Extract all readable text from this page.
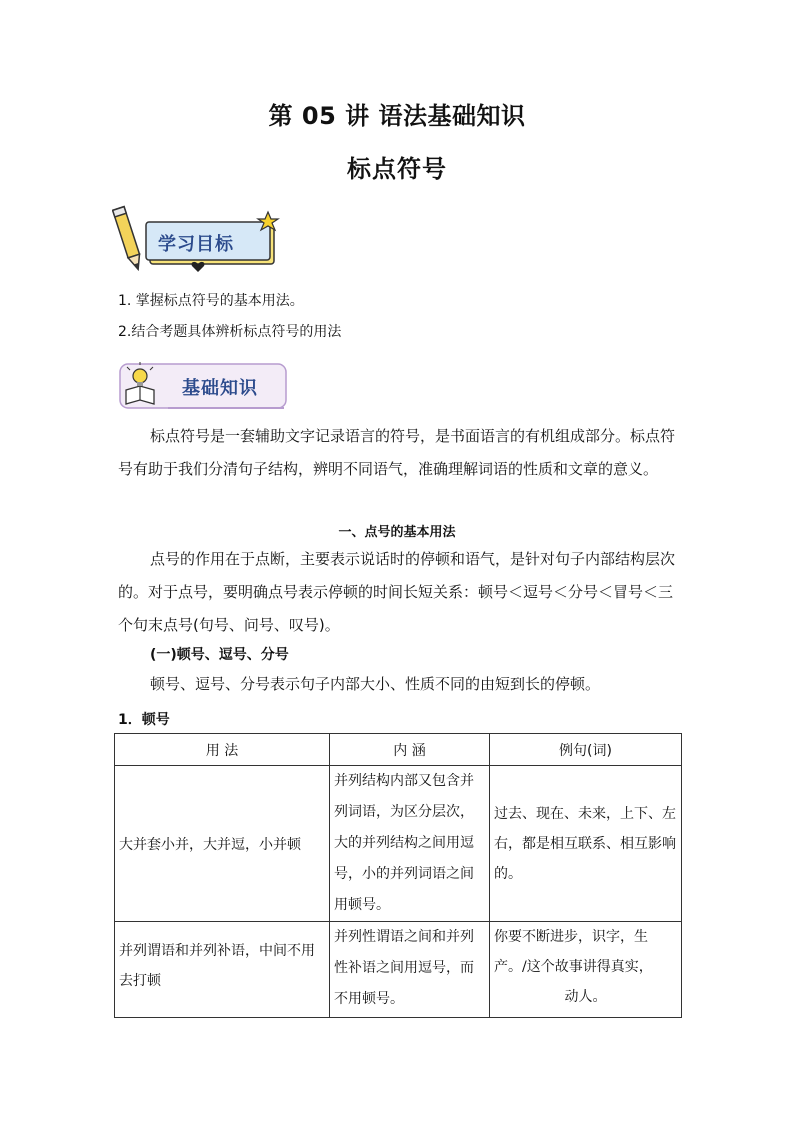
第 05 讲 语法基础知识
标点符号
学习目标
1. 掌握标点符号的基本用法。
2.结合考题具体辨析标点符号的用法
基础知识

标点符号是一套辅助文字记录语言的符号，是书面语言的有机组成部分。标点符号有助于我们分清句子结构，辨明不同语气，准确理解词语的性质和文章的意义。

一、点号的基本用法

点号的作用在于点断，主要表示说话时的停顿和语气，是针对句子内部结构层次的。对于点号，要明确点号表示停顿的时间长短关系：顿号＜逗号＜分号＜冒号＜三个句末点号(句号、问号、叹号)。

(一)顿号、逗号、分号

顿号、逗号、分号表示句子内部大小、性质不同的由短到长的停顿。

1．顿号
用 法	内 涵	例句(词)
大并套小并，大并逗，小并顿	并列结构内部又包含并列词语，为区分层次，大的并列结构之间用逗号，小的并列词语之间用顿号。	过去、现在、未来，上下、左右，都是相互联系、相互影响的。
并列谓语和并列补语，中间不用去打顿	并列性谓语之间和并列性补语之间用逗号，而不用顿号。	你要不断进步，识字，生产。/这个故事讲得真实，
动人。
